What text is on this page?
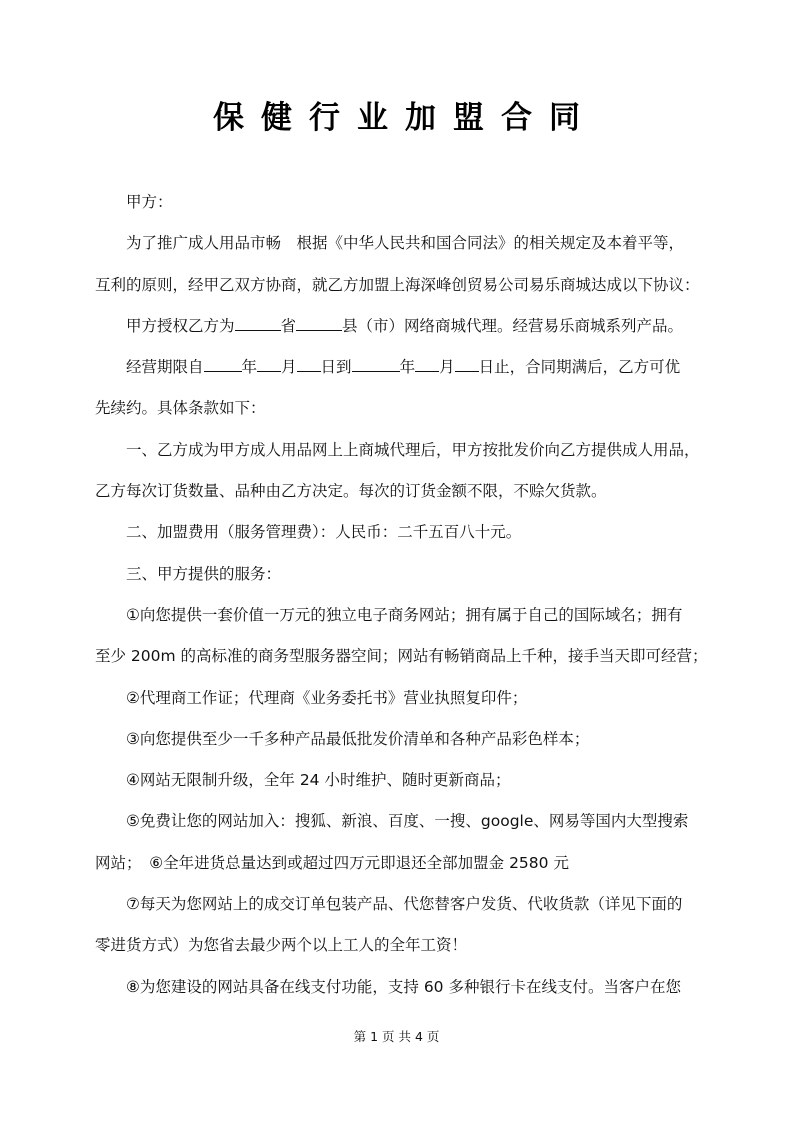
保健行业加盟合同

甲方：

为了推广成人用品市畅　根据《中华人民共和国合同法》的相关规定及本着平等，

互利的原则，经甲乙双方协商，就乙方加盟上海深峰创贸易公司易乐商城达成以下协议：

甲方授权乙方为	省	县（市）网络商城代理。经营易乐商城系列产品。

经营期限自 年 月 日到	年 月 日止，合同期满后，乙方可优

先续约。具体条款如下：

一、乙方成为甲方成人用品网上上商城代理后，甲方按批发价向乙方提供成人用品，

乙方每次订货数量、品种由乙方决定。每次的订货金额不限，不赊欠货款。

二、加盟费用（服务管理费）：人民币：二千五百八十元。

三、甲方提供的服务：

①向您提供一套价值一万元的独立电子商务网站；拥有属于自己的国际域名；拥有

至少 200m 的高标准的商务型服务器空间；网站有畅销商品上千种，接手当天即可经营；

②代理商工作证；代理商《业务委托书》营业执照复印件；

③向您提供至少一千多种产品最低批发价清单和各种产品彩色样本；

④网站无限制升级，全年 24 小时维护、随时更新商品；

⑤免费让您的网站加入：搜狐、新浪、百度、一搜、google、网易等国内大型搜索

网站；　⑥全年进货总量达到或超过四万元即退还全部加盟金 2580 元

⑦每天为您网站上的成交订单包装产品、代您替客户发货、代收货款（详见下面的

零进货方式）为您省去最少两个以上工人的全年工资！

⑧为您建设的网站具备在线支付功能，支持 60 多种银行卡在线支付。当客户在您

第 1 页 共 4 页
